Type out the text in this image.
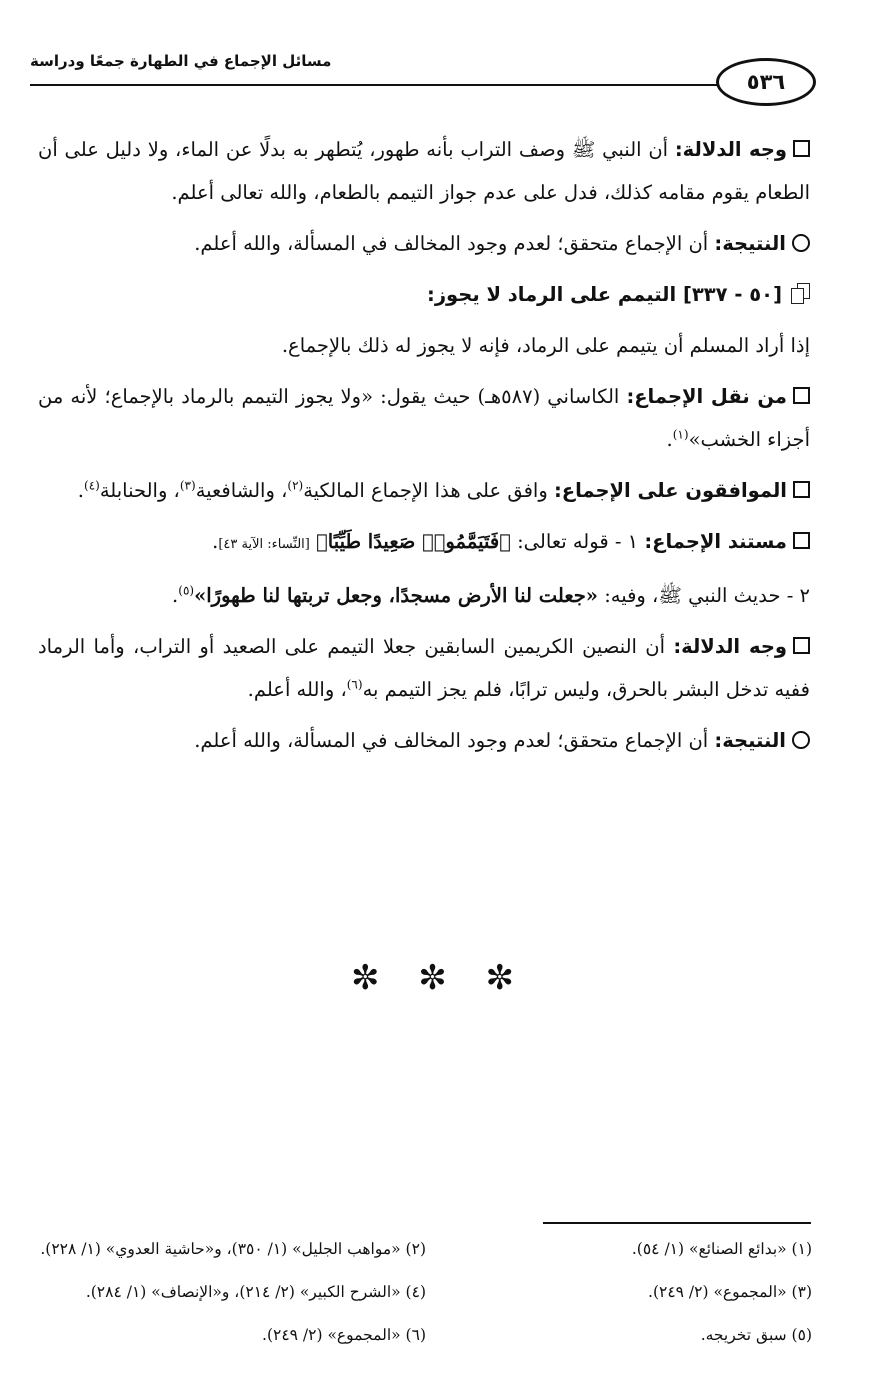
مسائل الإجماع في الطهارة جمعًا ودراسة
٥٣٦

وجه الدلالة: أن النبي ﷺ وصف التراب بأنه طهور، يُتطهر به بدلًا عن الماء، ولا دليل على أن الطعام يقوم مقامه كذلك، فدل على عدم جواز التيمم بالطعام، والله تعالى أعلم.

النتيجة: أن الإجماع متحقق؛ لعدم وجود المخالف في المسألة، والله أعلم.

[٥٠ - ٣٣٧] التيمم على الرماد لا يجوز:

إذا أراد المسلم أن يتيمم على الرماد، فإنه لا يجوز له ذلك بالإجماع.

من نقل الإجماع: الكاساني (٥٨٧هـ) حيث يقول: «ولا يجوز التيمم بالرماد بالإجماع؛ لأنه من أجزاء الخشب»$^{(١)}$.

الموافقون على الإجماع: وافق على هذا الإجماع المالكية$^{(٢)}$، والشافعية$^{(٣)}$، والحنابلة$^{(٤)}$.

مستند الإجماع: ١ - قوله تعالى: ﴿فَتَيَمَّمُوا۟ صَعِيدًا طَيِّبًا﴾ [النِّساء: الآية ٤٣].

٢ - حديث النبي ﷺ، وفيه: «جعلت لنا الأرض مسجدًا، وجعل تربتها لنا طهورًا»$^{(٥)}$.

وجه الدلالة: أن النصين الكريمين السابقين جعلا التيمم على الصعيد أو التراب، وأما الرماد ففيه تدخل البشر بالحرق، وليس ترابًا، فلم يجز التيمم به$^{(٦)}$، والله أعلم.

النتيجة: أن الإجماع متحقق؛ لعدم وجود المخالف في المسألة، والله أعلم.

✼ ✼ ✼
(١) «بدائع الصنائع» (١/ ٥٤).
(٢) «مواهب الجليل» (١/ ٣٥٠)، و«حاشية العدوي» (١/ ٢٢٨).
(٣) «المجموع» (٢/ ٢٤٩).
(٤) «الشرح الكبير» (٢/ ٢١٤)، و«الإنصاف» (١/ ٢٨٤).
(٥) سبق تخريجه.
(٦) «المجموع» (٢/ ٢٤٩).
